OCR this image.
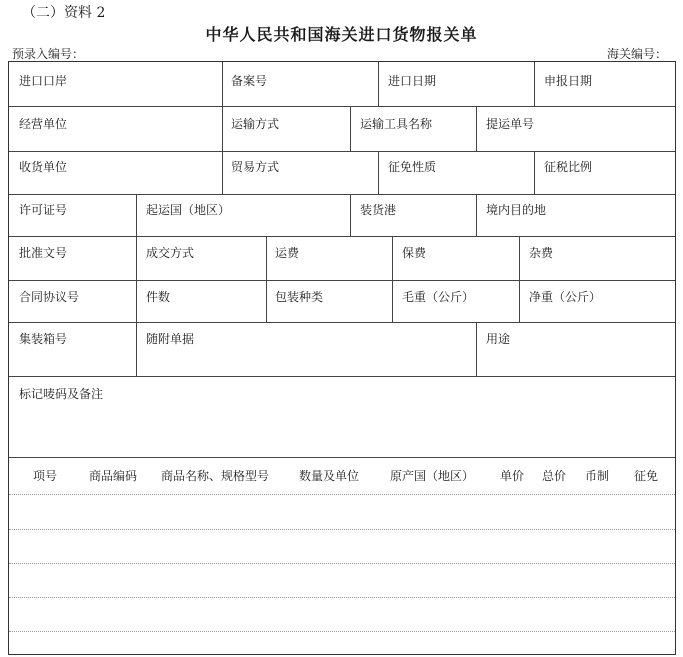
（二）资料 2
中华人民共和国海关进口货物报关单
预录入编号：	海关编号：
进口口岸	备案号	进口日期	申报日期
经营单位	运输方式	运输工具名称	提运单号
收货单位	贸易方式	征免性质	征税比例
许可证号	起运国（地区）	装货港	境内目的地
批准文号	成交方式	运费	保费	杂费
合同协议号	件数	包装种类	毛重（公斤）	净重（公斤）
集装箱号	随附单据	用途
标记唛码及备注
项号	商品编码 商品名称、规格型号 数量及单位	原产国（地区） 单价 总价 币制 征免
